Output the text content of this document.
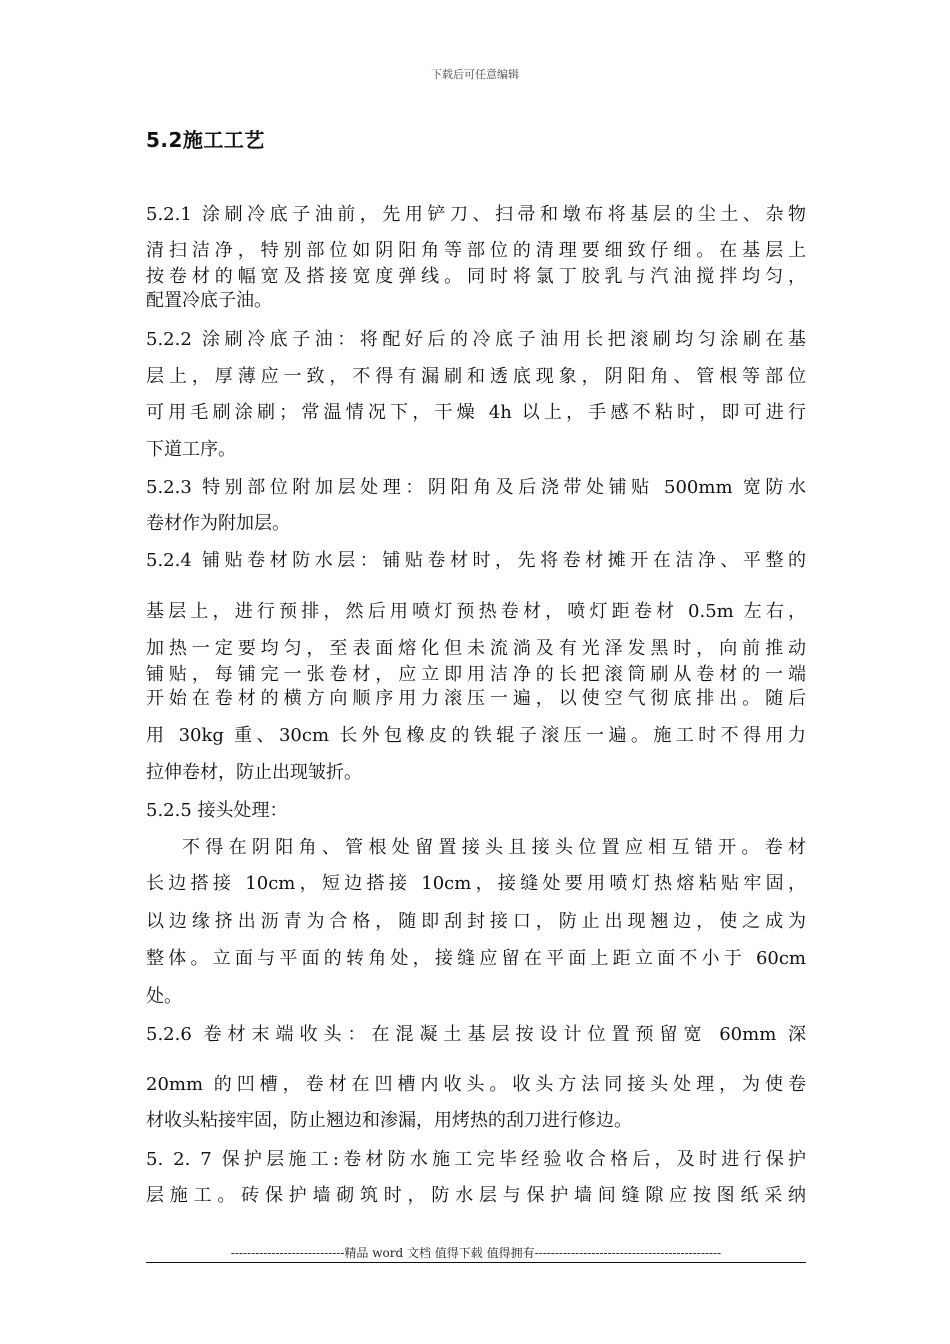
下载后可任意编辑
5.2施工工艺
5.2.1 涂刷冷底子油前，先用铲刀、扫帚和墩布将基层的尘土、杂物
清扫洁净，特别部位如阴阳角等部位的清理要细致仔细。在基层上
按卷材的幅宽及搭接宽度弹线。同时将氯丁胶乳与汽油搅拌均匀，
配置冷底子油。
5.2.2 涂刷冷底子油：将配好后的冷底子油用长把滚刷均匀涂刷在基
层上，厚薄应一致，不得有漏刷和透底现象，阴阳角、管根等部位
可用毛刷涂刷；常温情况下，干燥 4h 以上，手感不粘时，即可进行
下道工序。
5.2.3 特别部位附加层处理：阴阳角及后浇带处铺贴 500mm 宽防水
卷材作为附加层。
5.2.4 铺贴卷材防水层：铺贴卷材时，先将卷材摊开在洁净、平整的
基层上，进行预排，然后用喷灯预热卷材，喷灯距卷材 0.5m 左右，
加热一定要均匀，至表面熔化但未流淌及有光泽发黑时，向前推动
铺贴，每铺完一张卷材，应立即用洁净的长把滚筒刷从卷材的一端
开始在卷材的横方向顺序用力滚压一遍，以使空气彻底排出。随后
用 30kg 重、30cm 长外包橡皮的铁辊子滚压一遍。施工时不得用力
拉伸卷材，防止出现皱折。
5.2.5 接头处理：
不得在阴阳角、管根处留置接头且接头位置应相互错开。卷材
长边搭接 10cm，短边搭接 10cm，接缝处要用喷灯热熔粘贴牢固，
以边缘挤出沥青为合格，随即刮封接口，防止出现翘边，使之成为
整体。立面与平面的转角处，接缝应留在平面上距立面不小于 60cm
处。
5.2.6 卷材末端收头：在混凝土基层按设计位置预留宽 60mm 深
20mm 的凹槽，卷材在凹槽内收头。收头方法同接头处理，为使卷
材收头粘接牢固，防止翘边和渗漏，用烤热的刮刀进行修边。
5. 2. 7 保护层施工:卷材防水施工完毕经验收合格后，及时进行保护
层施工。砖保护墙砌筑时，防水层与保护墙间缝隙应按图纸采纳
----------------------------精品 word 文档 值得下载 值得拥有----------------------------------------------
